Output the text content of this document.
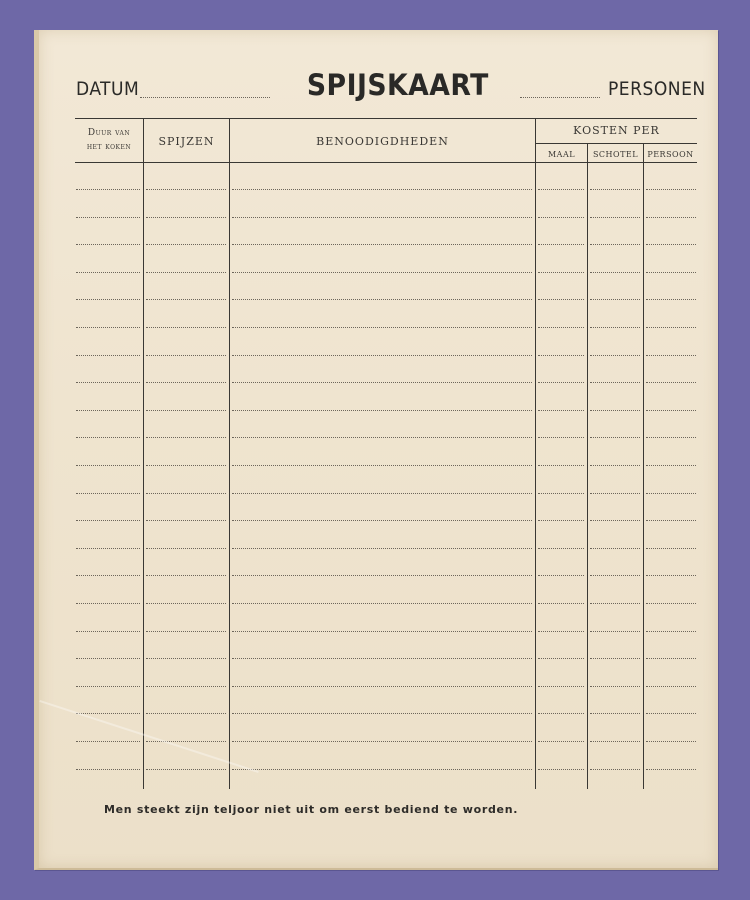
DATUM	SPIJSKAART	PERSONEN
Duur van
het koken	SPIJZEN	BENOODIGDHEDEN
KOSTEN PER
MAAL	SCHOTEL	PERSOON
Men steekt zijn teljoor niet uit om eerst bediend te worden.
